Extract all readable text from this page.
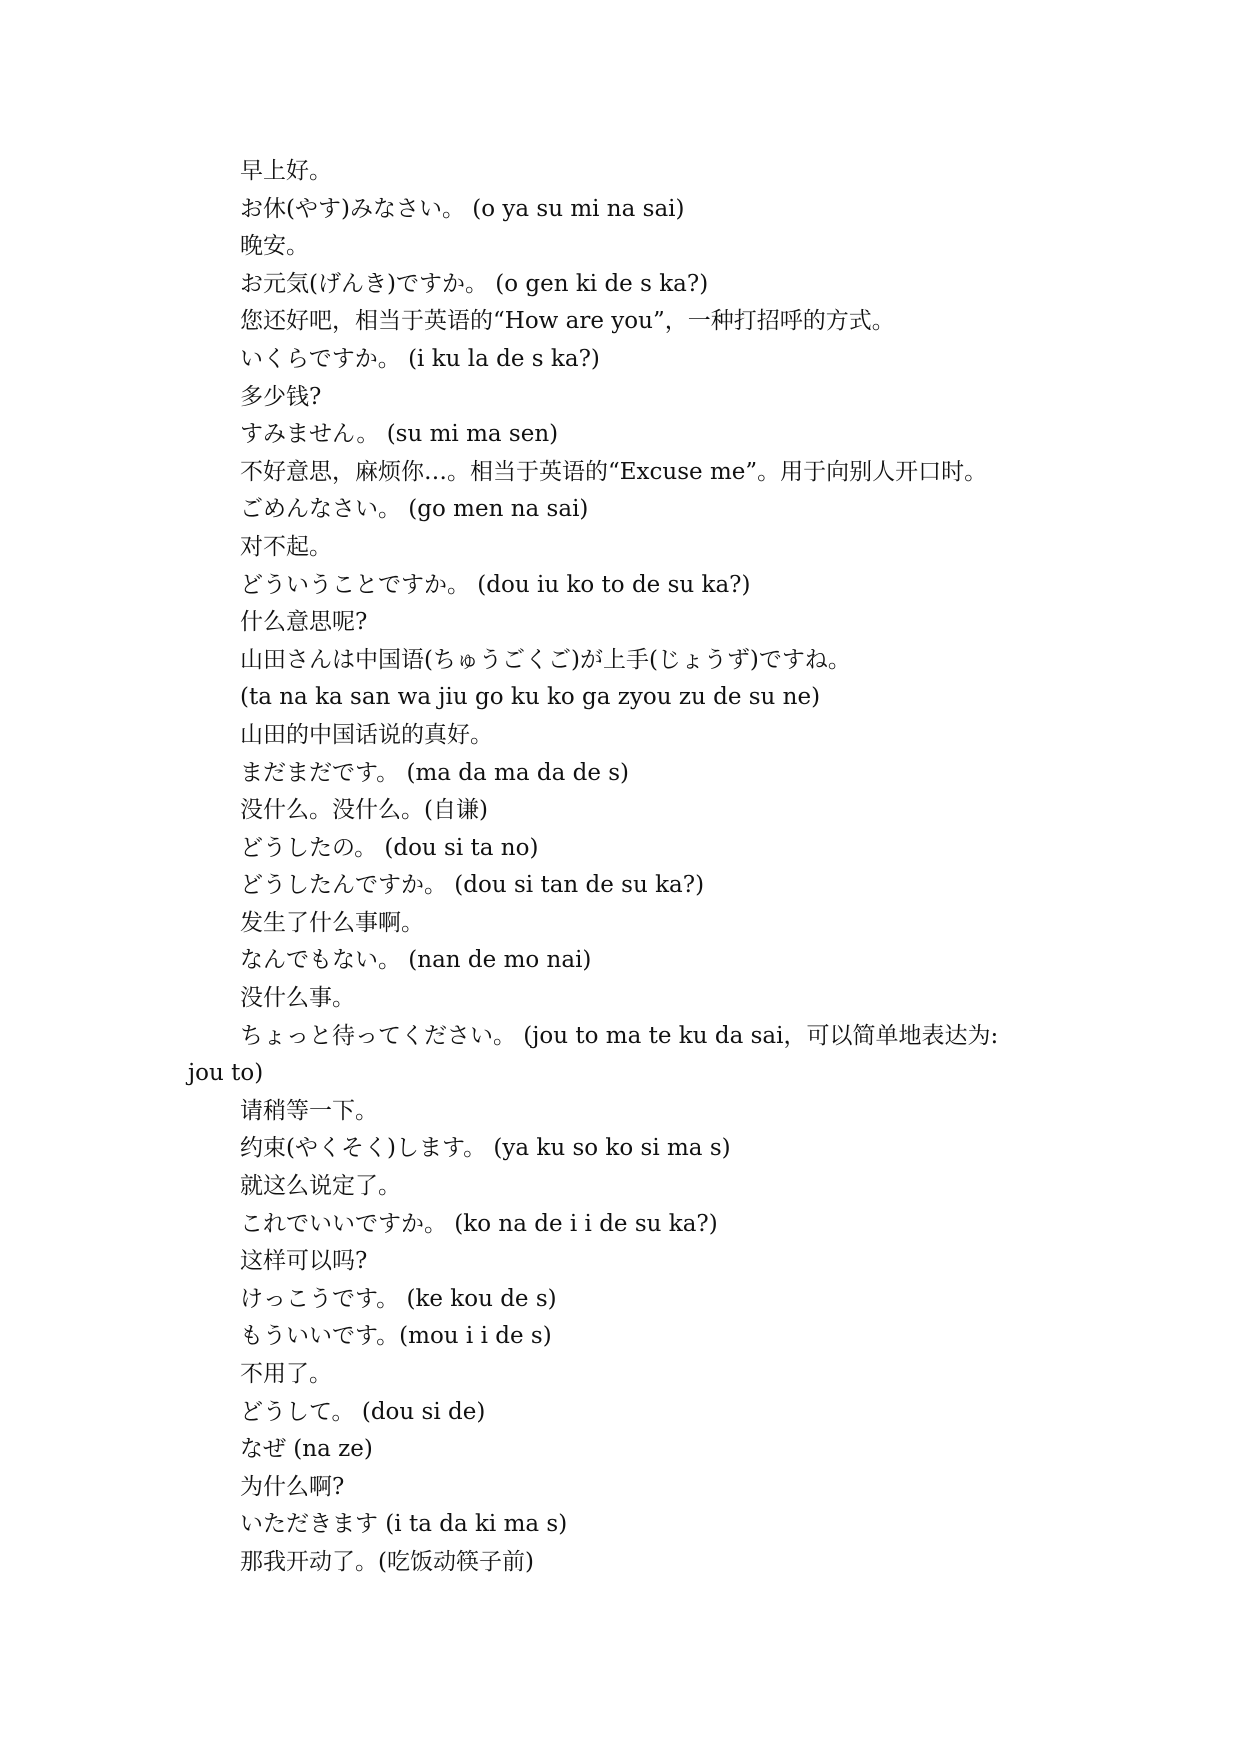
早上好。
お休(やす)みなさい。 (o ya su mi na sai)
晚安。
お元気(げんき)ですか。 (o gen ki de s ka?)
您还好吧，相当于英语的“How are you”，一种打招呼的方式。
いくらですか。 (i ku la de s ka?)
多少钱?
すみません。 (su mi ma sen)
不好意思，麻烦你…。相当于英语的“Excuse me”。用于向别人开口时。
ごめんなさい。 (go men na sai)
对不起。
どういうことですか。 (dou iu ko to de su ka?)
什么意思呢?
山田さんは中国语(ちゅうごくご)が上手(じょうず)ですね。
(ta na ka san wa jiu go ku ko ga zyou zu de su ne)
山田的中国话说的真好。
まだまだです。 (ma da ma da de s)
没什么。没什么。(自谦)
どうしたの。 (dou si ta no)
どうしたんですか。 (dou si tan de su ka?)
发生了什么事啊。
なんでもない。 (nan de mo nai)
没什么事。
ちょっと待ってください。 (jou to ma te ku da sai，可以简单地表达为:
jou to)
请稍等一下。
约束(やくそく)します。 (ya ku so ko si ma s)
就这么说定了。
これでいいですか。 (ko na de i i de su ka?)
这样可以吗?
けっこうです。 (ke kou de s)
もういいです。(mou i i de s)
不用了。
どうして。 (dou si de)
なぜ (na ze)
为什么啊?
いただきます (i ta da ki ma s)
那我开动了。(吃饭动筷子前)
